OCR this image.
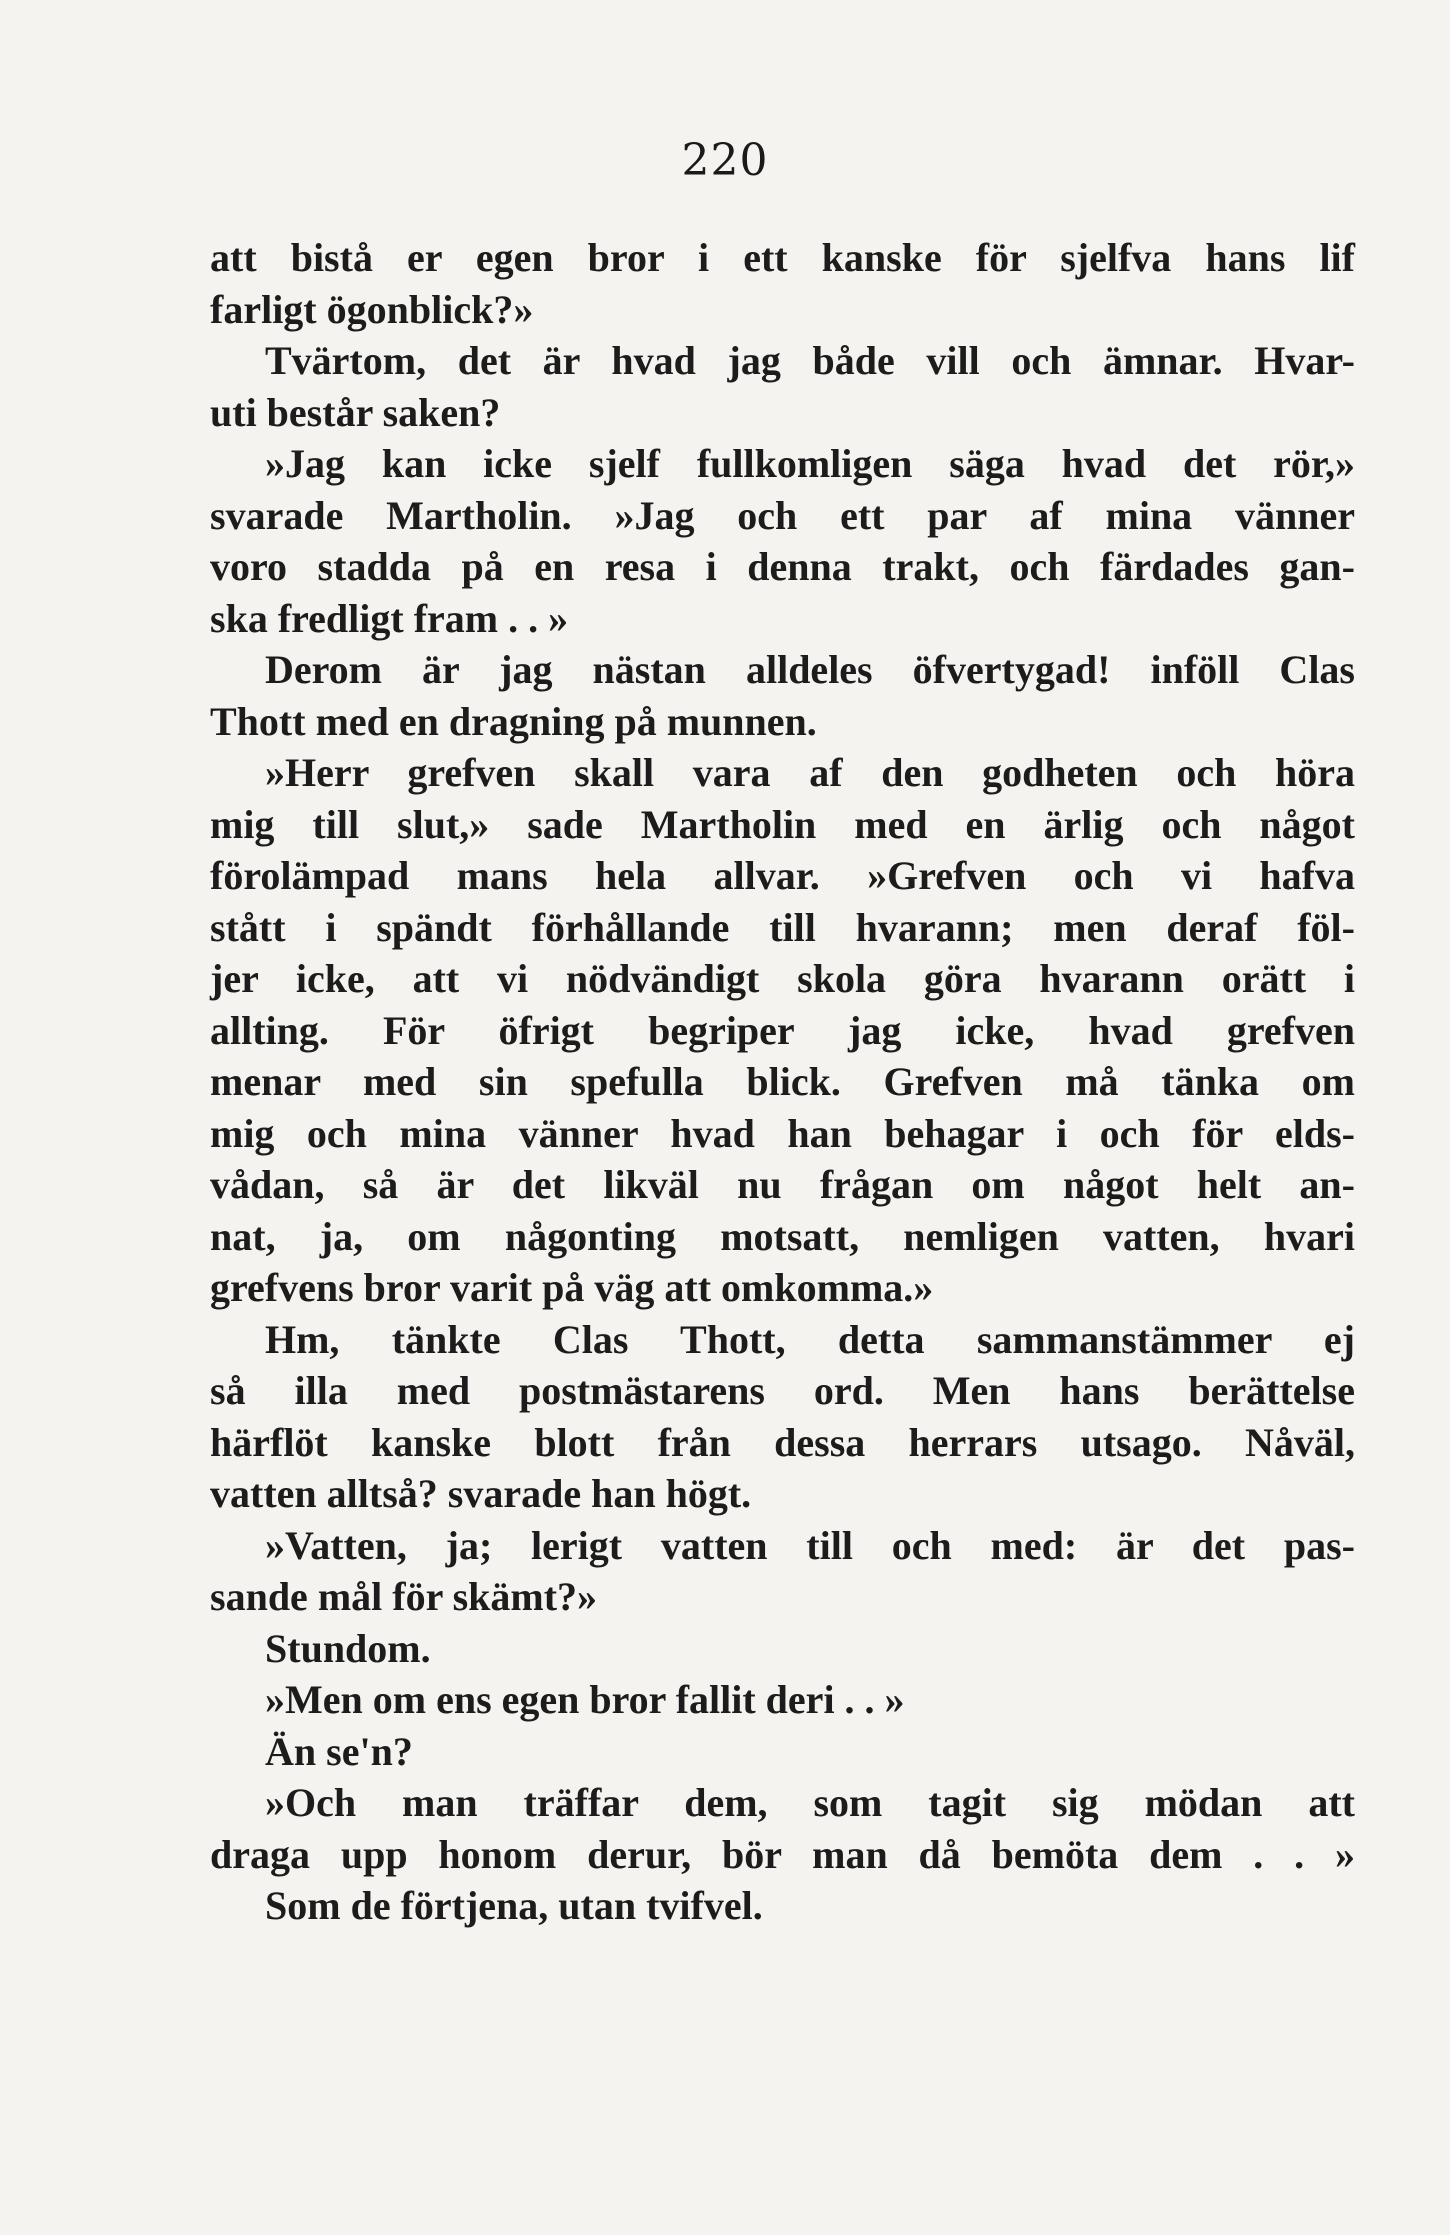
220
att bistå er egen bror i ett kanske för sjelfva hans lif
farligt ögonblick?»
Tvärtom, det är hvad jag både vill och ämnar. Hvar-
uti består saken?
»Jag kan icke sjelf fullkomligen säga hvad det rör,»
svarade Martholin. »Jag och ett par af mina vänner
voro stadda på en resa i denna trakt, och färdades gan-
ska fredligt fram . . »
Derom är jag nästan alldeles öfvertygad! inföll Clas
Thott med en dragning på munnen.
»Herr grefven skall vara af den godheten och höra
mig till slut,» sade Martholin med en ärlig och något
förolämpad mans hela allvar. »Grefven och vi hafva
stått i spändt förhållande till hvarann; men deraf föl-
jer icke, att vi nödvändigt skola göra hvarann orätt i
allting. För öfrigt begriper jag icke, hvad grefven
menar med sin spefulla blick. Grefven må tänka om
mig och mina vänner hvad han behagar i och för elds-
vådan, så är det likväl nu frågan om något helt an-
nat, ja, om någonting motsatt, nemligen vatten, hvari
grefvens bror varit på väg att omkomma.»
Hm, tänkte Clas Thott, detta sammanstämmer ej
så illa med postmästarens ord. Men hans berättelse
härflöt kanske blott från dessa herrars utsago. Nåväl,
vatten alltså? svarade han högt.
»Vatten, ja; lerigt vatten till och med: är det pas-
sande mål för skämt?»
Stundom.
»Men om ens egen bror fallit deri . . »
Än se'n?
»Och man träffar dem, som tagit sig mödan att
draga upp honom derur, bör man då bemöta dem . . »
Som de förtjena, utan tvifvel.
